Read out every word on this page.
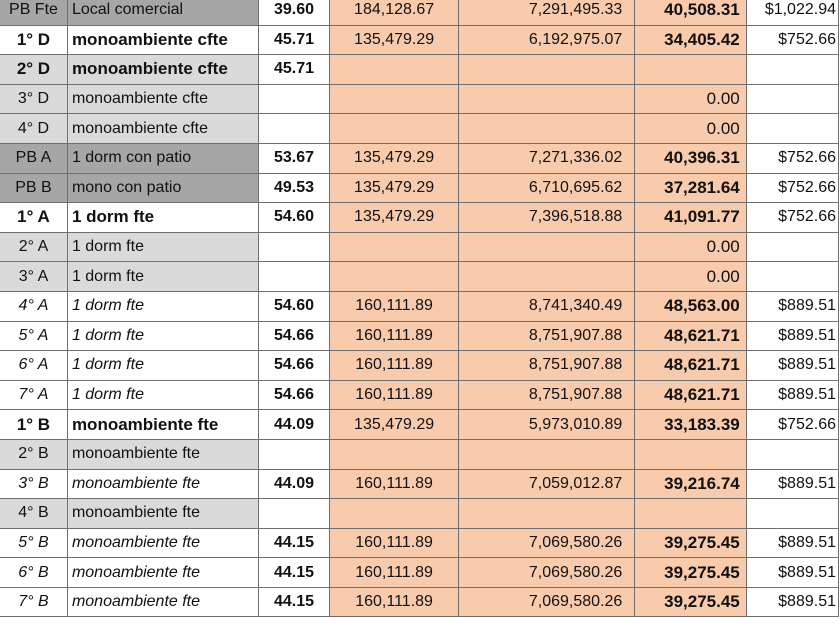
PB Fte	Local comercial	39.60	184,128.67	7,291,495.33	40,508.31	$1,022.94
1° D	monoambiente cfte	45.71	135,479.29	6,192,975.07	34,405.42	$752.66
2° D	monoambiente cfte	45.71				
3° D	monoambiente cfte				0.00	
4° D	monoambiente cfte				0.00	
PB A	1 dorm con patio	53.67	135,479.29	7,271,336.02	40,396.31	$752.66
PB B	mono con patio	49.53	135,479.29	6,710,695.62	37,281.64	$752.66
1° A	1 dorm fte	54.60	135,479.29	7,396,518.88	41,091.77	$752.66
2° A	1 dorm fte				0.00	
3° A	1 dorm fte				0.00	
4° A	1 dorm fte	54.60	160,111.89	8,741,340.49	48,563.00	$889.51
5° A	1 dorm fte	54.66	160,111.89	8,751,907.88	48,621.71	$889.51
6° A	1 dorm fte	54.66	160,111.89	8,751,907.88	48,621.71	$889.51
7° A	1 dorm fte	54.66	160,111.89	8,751,907.88	48,621.71	$889.51
1° B	monoambiente fte	44.09	135,479.29	5,973,010.89	33,183.39	$752.66
2° B	monoambiente fte					
3° B	monoambiente fte	44.09	160,111.89	7,059,012.87	39,216.74	$889.51
4° B	monoambiente fte					
5° B	monoambiente fte	44.15	160,111.89	7,069,580.26	39,275.45	$889.51
6° B	monoambiente fte	44.15	160,111.89	7,069,580.26	39,275.45	$889.51
7° B	monoambiente fte	44.15	160,111.89	7,069,580.26	39,275.45	$889.51
